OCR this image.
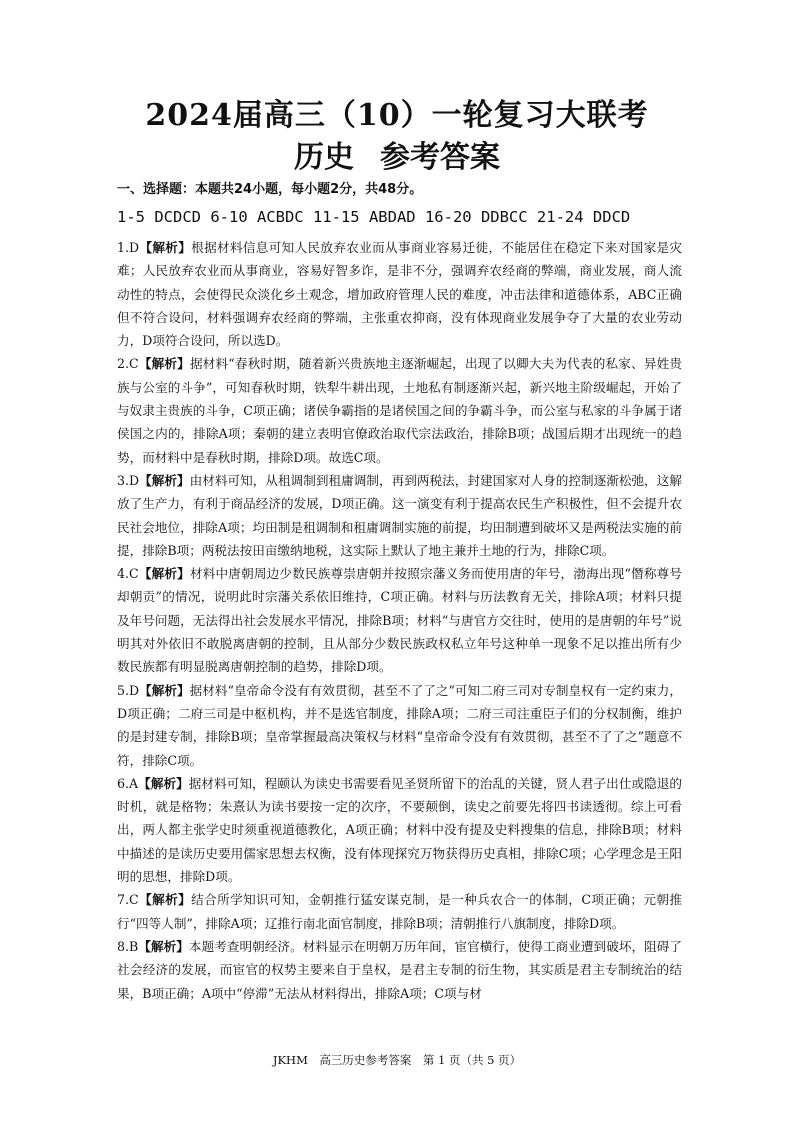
2024届高三（10）一轮复习大联考
历史 参考答案
一、选择题：本题共24小题，每小题2分，共48分。
1-5 DCDCD 6-10 ACBDC 11-15 ABDAD 16-20 DDBCC 21-24 DDCD

1.D【解析】根据材料信息可知人民放弃农业而从事商业容易迁徙，不能居住在稳定下来对国家是灾难；人民放弃农业而从事商业，容易好智多诈，是非不分，强调弃农经商的弊端，商业发展，商人流动性的特点，会使得民众淡化乡土观念，增加政府管理人民的难度，冲击法律和道德体系，ABC正确但不符合设问，材料强调弃农经商的弊端，主张重农抑商，没有体现商业发展争夺了大量的农业劳动力，D项符合设问，所以选D。

2.C【解析】据材料“春秋时期，随着新兴贵族地主逐渐崛起，出现了以卿大夫为代表的私家、异姓贵族与公室的斗争”，可知春秋时期，铁犁牛耕出现，土地私有制逐渐兴起，新兴地主阶级崛起，开始了与奴隶主贵族的斗争，C项正确；诸侯争霸指的是诸侯国之间的争霸斗争，而公室与私家的斗争属于诸侯国之内的，排除A项；秦朝的建立表明官僚政治取代宗法政治，排除B项；战国后期才出现统一的趋势，而材料中是春秋时期，排除D项。故选C项。

3.D【解析】由材料可知，从租调制到租庸调制，再到两税法，封建国家对人身的控制逐渐松弛，这解放了生产力，有利于商品经济的发展，D项正确。这一演变有利于提高农民生产积极性，但不会提升农民社会地位，排除A项；均田制是租调制和租庸调制实施的前提，均田制遭到破坏又是两税法实施的前提，排除B项；两税法按田亩缴纳地税，这实际上默认了地主兼并土地的行为，排除C项。

4.C【解析】材料中唐朝周边少数民族尊崇唐朝并按照宗藩义务而使用唐的年号，渤海出现“僭称尊号却朝贡”的情况，说明此时宗藩关系依旧维持，C项正确。材料与历法教育无关，排除A项；材料只提及年号问题，无法得出社会发展水平情况，排除B项；材料“与唐官方交往时，使用的是唐朝的年号”说明其对外依旧不敢脱离唐朝的控制，且从部分少数民族政权私立年号这种单一现象不足以推出所有少数民族都有明显脱离唐朝控制的趋势，排除D项。

5.D【解析】据材料“皇帝命令没有有效贯彻，甚至不了了之”可知二府三司对专制皇权有一定约束力，D项正确；二府三司是中枢机构，并不是选官制度，排除A项；二府三司注重臣子们的分权制衡，维护的是封建专制，排除B项；皇帝掌握最高决策权与材料“皇帝命令没有有效贯彻，甚至不了了之”题意不符，排除C项。

6.A【解析】据材料可知，程颐认为读史书需要看见圣贤所留下的治乱的关键，贤人君子出仕或隐退的时机，就是格物；朱熹认为读书要按一定的次序，不要颠倒，读史之前要先将四书读透彻。综上可看出，两人都主张学史时须重视道德教化，A项正确；材料中没有提及史料搜集的信息，排除B项；材料中描述的是读历史要用儒家思想去权衡，没有体现探究万物获得历史真相，排除C项；心学理念是王阳明的思想，排除D项。

7.C【解析】结合所学知识可知，金朝推行猛安谋克制，是一种兵农合一的体制，C项正确；元朝推行“四等人制”，排除A项；辽推行南北面官制度，排除B项；清朝推行八旗制度，排除D项。

8.B【解析】本题考查明朝经济。材料显示在明朝万历年间，宦官横行，使得工商业遭到破坏，阻碍了社会经济的发展，而宦官的权势主要来自于皇权，是君主专制的衍生物，其实质是君主专制统治的结果，B项正确；A项中“停滞”无法从材料得出，排除A项；C项与材

JKHM　高三历史参考答案　第 1 页（共 5 页）
